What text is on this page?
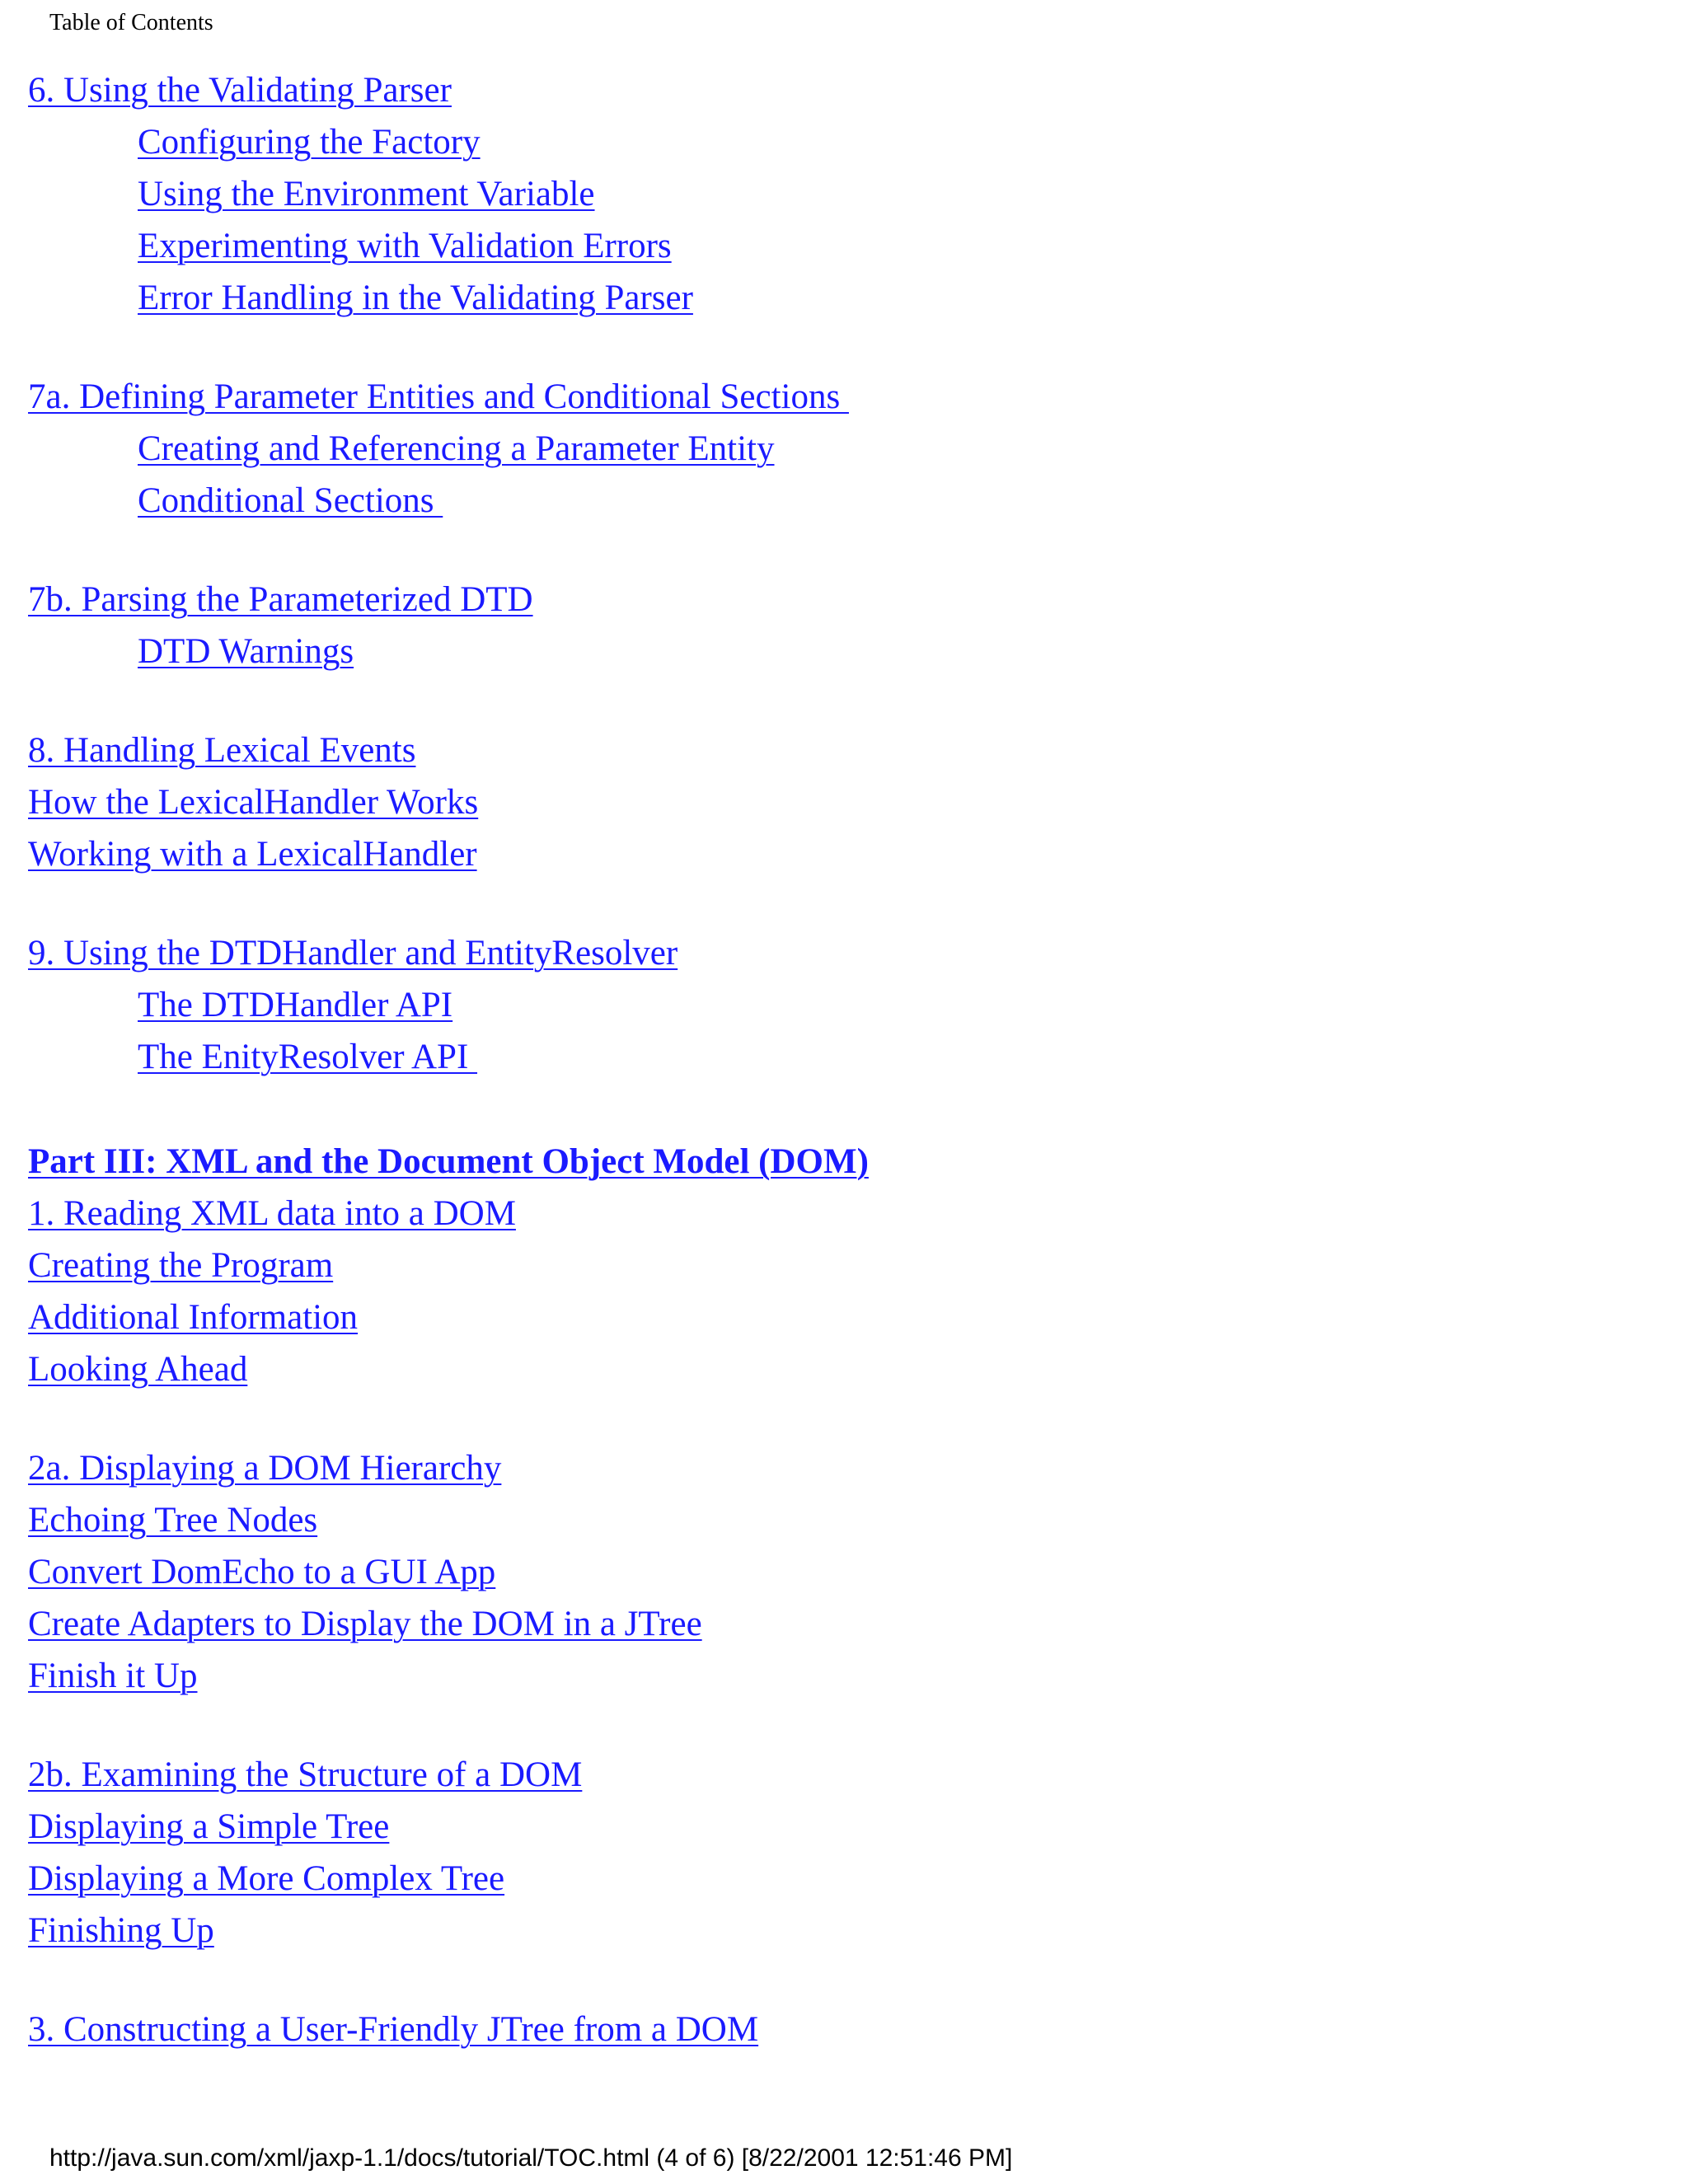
Table of Contents
6. Using the Validating Parser
Configuring the Factory
Using the Environment Variable
Experimenting with Validation Errors
Error Handling in the Validating Parser
7a. Defining Parameter Entities and Conditional Sections
Creating and Referencing a Parameter Entity
Conditional Sections
7b. Parsing the Parameterized DTD
DTD Warnings
8. Handling Lexical Events
How the LexicalHandler Works
Working with a LexicalHandler
9. Using the DTDHandler and EntityResolver
The DTDHandler API
The EnityResolver API
Part III: XML and the Document Object Model (DOM)
1. Reading XML data into a DOM
Creating the Program
Additional Information
Looking Ahead
2a. Displaying a DOM Hierarchy
Echoing Tree Nodes
Convert DomEcho to a GUI App
Create Adapters to Display the DOM in a JTree
Finish it Up
2b. Examining the Structure of a DOM
Displaying a Simple Tree
Displaying a More Complex Tree
Finishing Up
3. Constructing a User-Friendly JTree from a DOM
http://java.sun.com/xml/jaxp-1.1/docs/tutorial/TOC.html (4 of 6) [8/22/2001 12:51:46 PM]
